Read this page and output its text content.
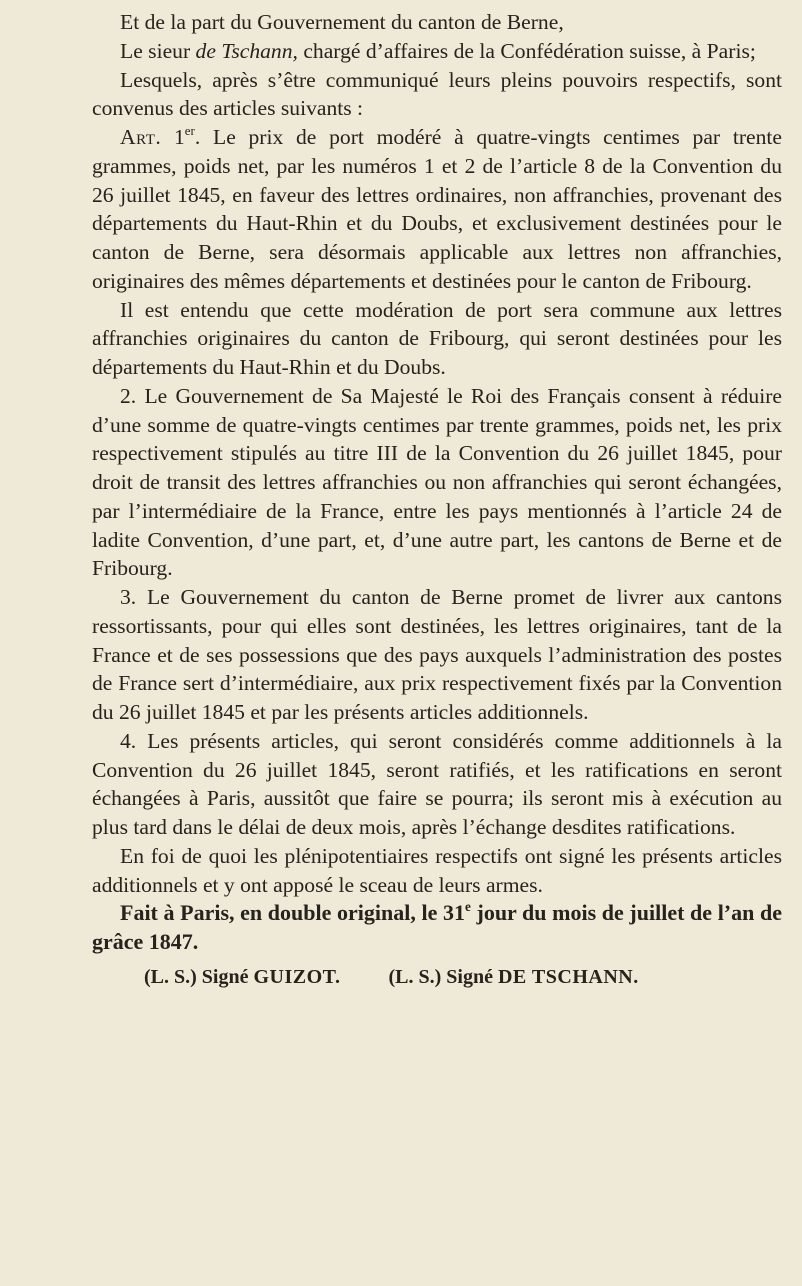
Et de la part du Gouvernement du canton de Berne,

Le sieur de Tschann, chargé d’affaires de la Confédération suisse, à Paris;

Lesquels, après s’être communiqué leurs pleins pouvoirs respectifs, sont convenus des articles suivants :

Art. 1er. Le prix de port modéré à quatre-vingts centimes par trente grammes, poids net, par les numéros 1 et 2 de l’article 8 de la Convention du 26 juillet 1845, en faveur des lettres ordinaires, non affranchies, provenant des départements du Haut-Rhin et du Doubs, et exclusivement destinées pour le canton de Berne, sera désormais applicable aux lettres non affranchies, originaires des mêmes départements et destinées pour le canton de Fribourg.

Il est entendu que cette modération de port sera commune aux lettres affranchies originaires du canton de Fribourg, qui seront destinées pour les départements du Haut-Rhin et du Doubs.

2. Le Gouvernement de Sa Majesté le Roi des Français consent à réduire d’une somme de quatre-vingts centimes par trente grammes, poids net, les prix respectivement stipulés au titre III de la Convention du 26 juillet 1845, pour droit de transit des lettres affranchies ou non affranchies qui seront échangées, par l’intermédiaire de la France, entre les pays mentionnés à l’article 24 de ladite Convention, d’une part, et, d’une autre part, les cantons de Berne et de Fribourg.

3. Le Gouvernement du canton de Berne promet de livrer aux cantons ressortissants, pour qui elles sont destinées, les lettres originaires, tant de la France et de ses possessions que des pays auxquels l’administration des postes de France sert d’intermédiaire, aux prix respectivement fixés par la Convention du 26 juillet 1845 et par les présents articles additionnels.

4. Les présents articles, qui seront considérés comme additionnels à la Convention du 26 juillet 1845, seront ratifiés, et les ratifications en seront échangées à Paris, aussitôt que faire se pourra; ils seront mis à exécution au plus tard dans le délai de deux mois, après l’échange desdites ratifications.

En foi de quoi les plénipotentiaires respectifs ont signé les présents articles additionnels et y ont apposé le sceau de leurs armes.

Fait à Paris, en double original, le 31e jour du mois de juillet de l’an de grâce 1847.

(L. S.) Signé GUIZOT. (L. S.) Signé DE TSCHANN.
